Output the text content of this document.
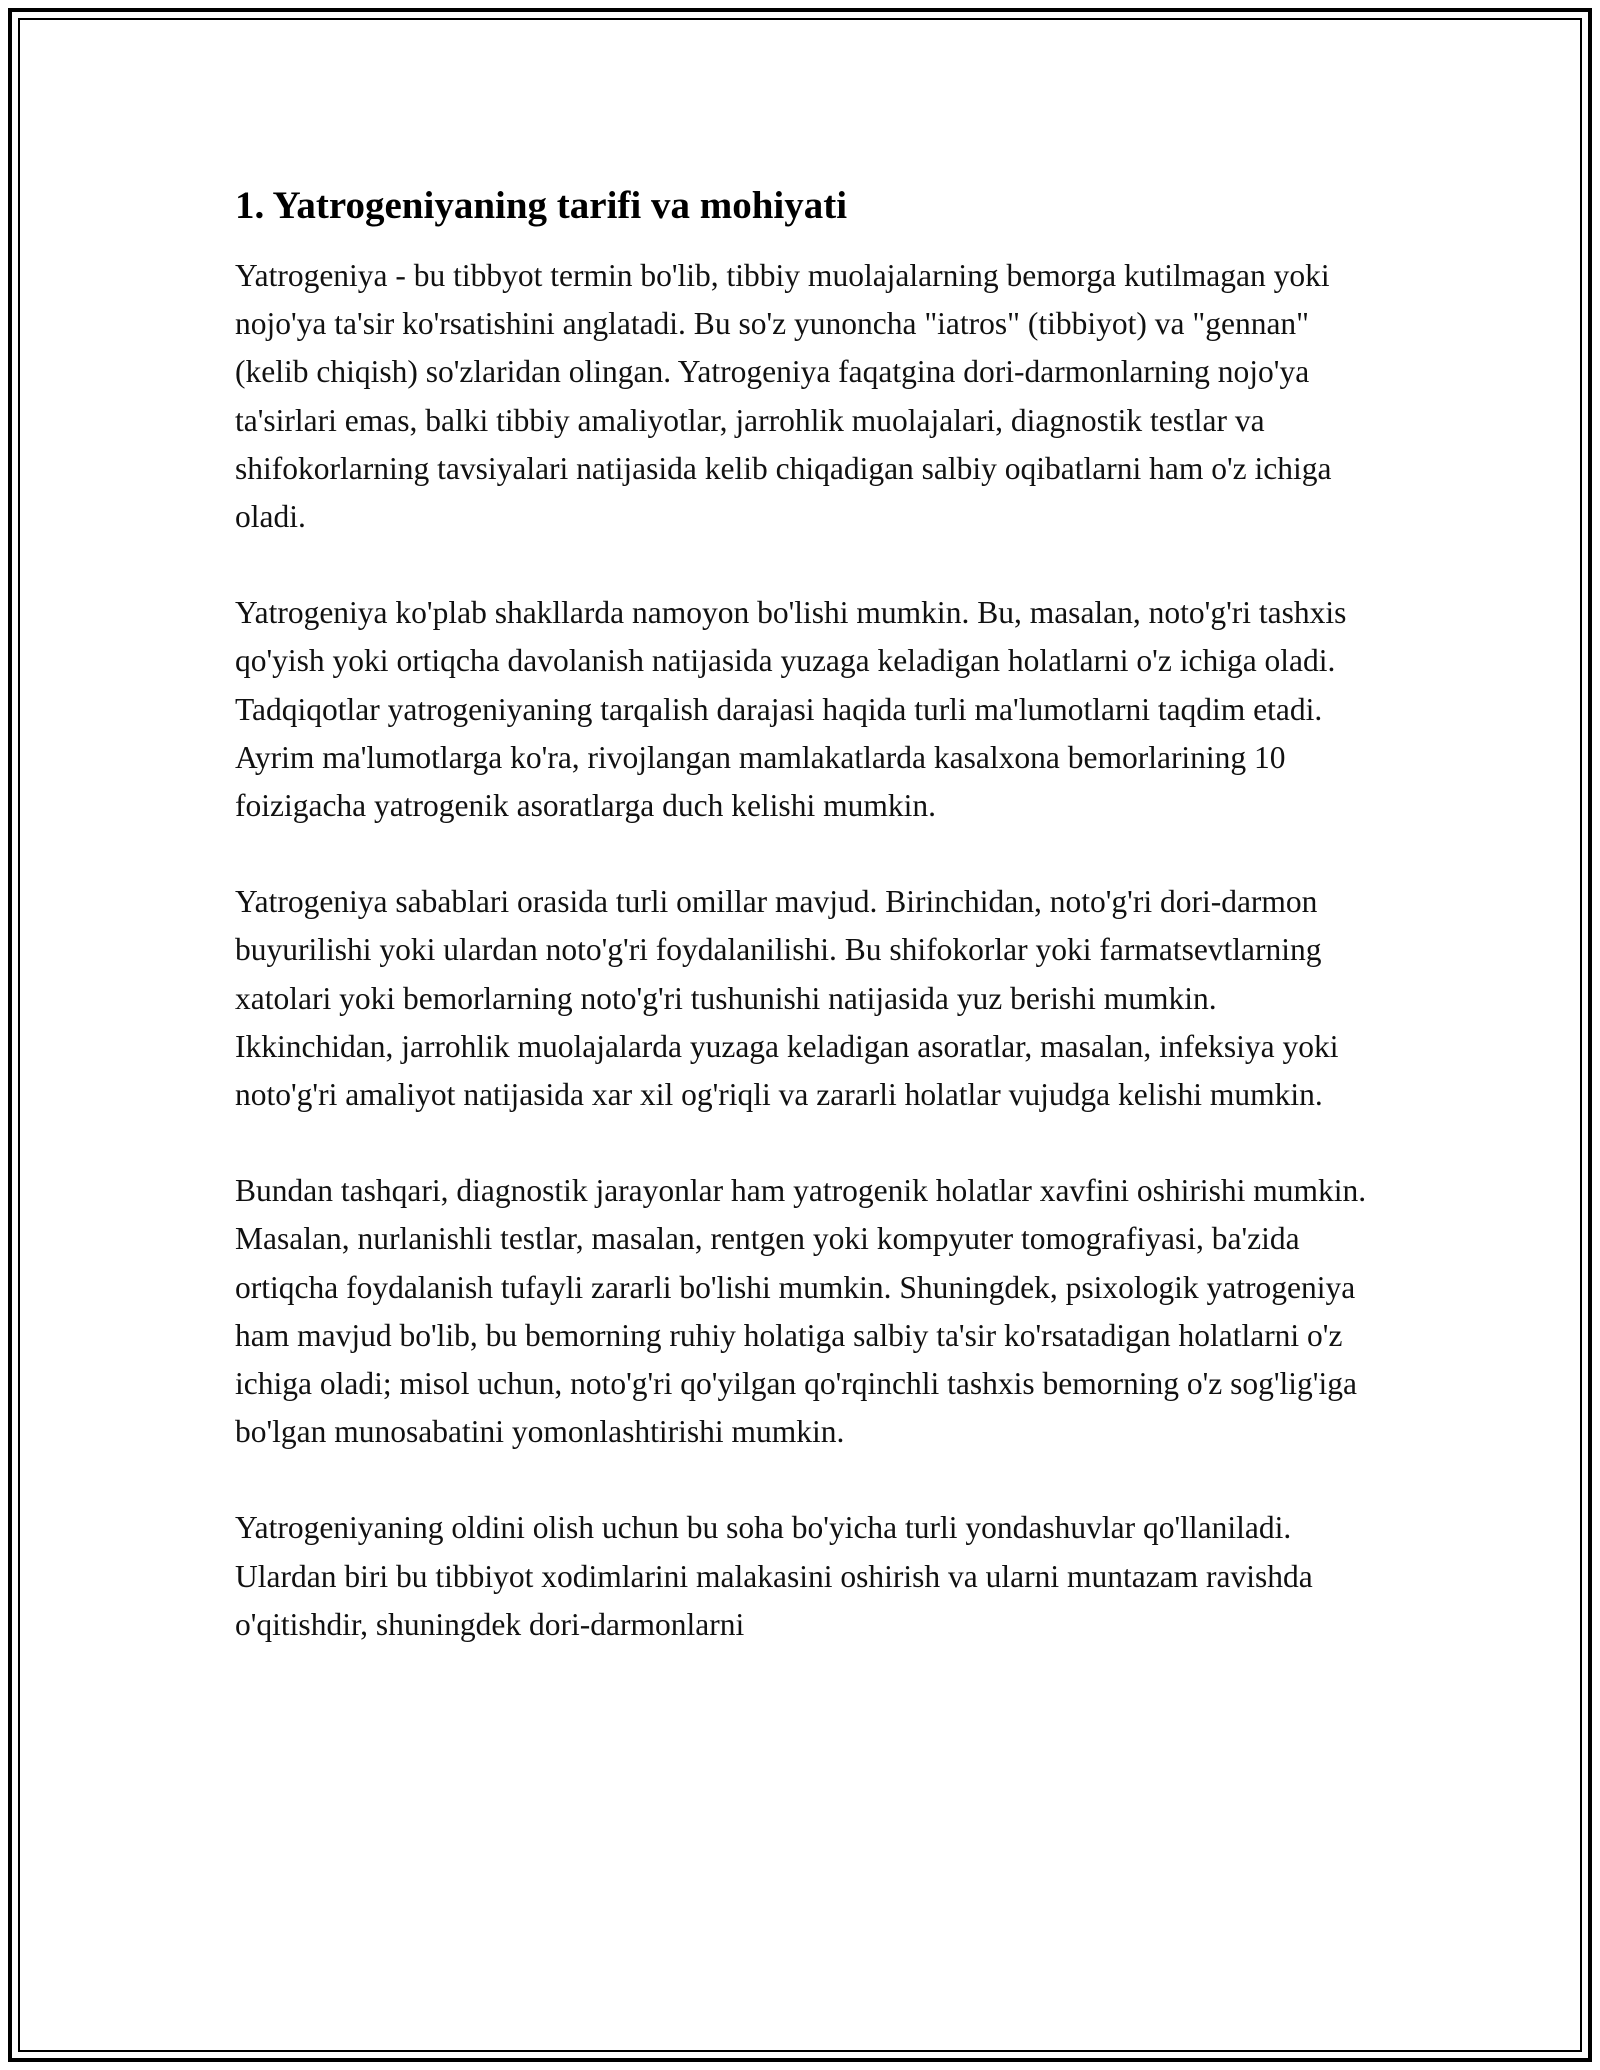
1. Yatrogeniyaning tarifi va mohiyati

Yatrogeniya - bu tibbyot termin bo'lib, tibbiy muolajalarning bemorga kutilmagan yoki nojo'ya ta'sir ko'rsatishini anglatadi. Bu so'z yunoncha "iatros" (tibbiyot) va "gennan" (kelib chiqish) so'zlaridan olingan. Yatrogeniya faqatgina dori-darmonlarning nojo'ya ta'sirlari emas, balki tibbiy amaliyotlar, jarrohlik muolajalari, diagnostik testlar va shifokorlarning tavsiyalari natijasida kelib chiqadigan salbiy oqibatlarni ham o'z ichiga oladi.

Yatrogeniya ko'plab shakllarda namoyon bo'lishi mumkin. Bu, masalan, noto'g'ri tashxis qo'yish yoki ortiqcha davolanish natijasida yuzaga keladigan holatlarni o'z ichiga oladi. Tadqiqotlar yatrogeniyaning tarqalish darajasi haqida turli ma'lumotlarni taqdim etadi. Ayrim ma'lumotlarga ko'ra, rivojlangan mamlakatlarda kasalxona bemorlarining 10 foizigacha yatrogenik asoratlarga duch kelishi mumkin.

Yatrogeniya sabablari orasida turli omillar mavjud. Birinchidan, noto'g'ri dori-darmon buyurilishi yoki ulardan noto'g'ri foydalanilishi. Bu shifokorlar yoki farmatsevtlarning xatolari yoki bemorlarning noto'g'ri tushunishi natijasida yuz berishi mumkin. Ikkinchidan, jarrohlik muolajalarda yuzaga keladigan asoratlar, masalan, infeksiya yoki noto'g'ri amaliyot natijasida xar xil og'riqli va zararli holatlar vujudga kelishi mumkin.

Bundan tashqari, diagnostik jarayonlar ham yatrogenik holatlar xavfini oshirishi mumkin. Masalan, nurlanishli testlar, masalan, rentgen yoki kompyuter tomografiyasi, ba'zida ortiqcha foydalanish tufayli zararli bo'lishi mumkin. Shuningdek, psixologik yatrogeniya ham mavjud bo'lib, bu bemorning ruhiy holatiga salbiy ta'sir ko'rsatadigan holatlarni o'z ichiga oladi; misol uchun, noto'g'ri qo'yilgan qo'rqinchli tashxis bemorning o'z sog'lig'iga bo'lgan munosabatini yomonlashtirishi mumkin.

Yatrogeniyaning oldini olish uchun bu soha bo'yicha turli yondashuvlar qo'llaniladi. Ulardan biri bu tibbiyot xodimlarini malakasini oshirish va ularni muntazam ravishda o'qitishdir, shuningdek dori-darmonlarni
